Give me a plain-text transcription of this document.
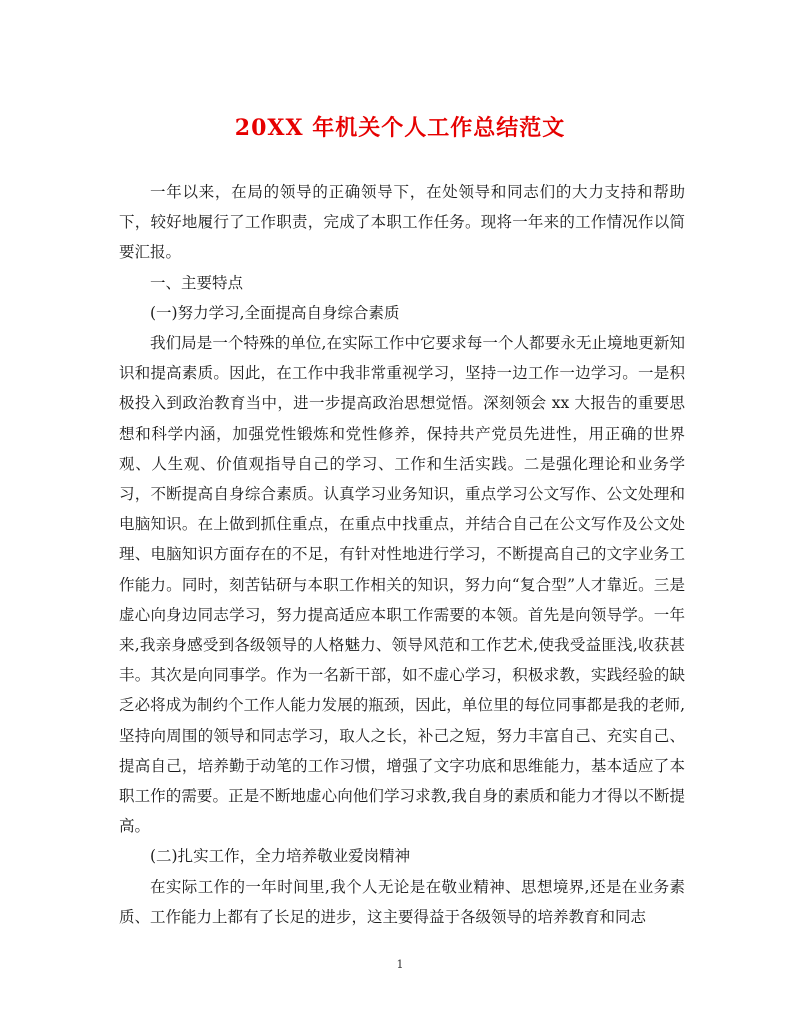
20XX 年机关个人工作总结范文

一年以来，在局的领导的正确领导下，在处领导和同志们的大力支持和帮助下，较好地履行了工作职责，完成了本职工作任务。现将一年来的工作情况作以简要汇报。

一、主要特点

(一)努力学习,全面提高自身综合素质

我们局是一个特殊的单位,在实际工作中它要求每一个人都要永无止境地更新知识和提高素质。因此，在工作中我非常重视学习，坚持一边工作一边学习。一是积极投入到政治教育当中，进一步提高政治思想觉悟。深刻领会 xx 大报告的重要思想和科学内涵，加强党性锻炼和党性修养，保持共产党员先进性，用正确的世界观、人生观、价值观指导自己的学习、工作和生活实践。二是强化理论和业务学习，不断提高自身综合素质。认真学习业务知识，重点学习公文写作、公文处理和电脑知识。在上做到抓住重点，在重点中找重点，并结合自己在公文写作及公文处理、电脑知识方面存在的不足，有针对性地进行学习，不断提高自己的文字业务工作能力。同时，刻苦钻研与本职工作相关的知识，努力向“复合型”人才靠近。三是虚心向身边同志学习，努力提高适应本职工作需要的本领。首先是向领导学。一年来,我亲身感受到各级领导的人格魅力、领导风范和工作艺术,使我受益匪浅,收获甚丰。其次是向同事学。作为一名新干部，如不虚心学习，积极求教，实践经验的缺乏必将成为制约个工作人能力发展的瓶颈，因此，单位里的每位同事都是我的老师,坚持向周围的领导和同志学习，取人之长，补己之短，努力丰富自己、充实自己、提高自己，培养勤于动笔的工作习惯，增强了文字功底和思维能力，基本适应了本职工作的需要。正是不断地虚心向他们学习求教,我自身的素质和能力才得以不断提高。

(二)扎实工作，全力培养敬业爱岗精神

在实际工作的一年时间里,我个人无论是在敬业精神、思想境界,还是在业务素质、工作能力上都有了长足的进步，这主要得益于各级领导的培养教育和同志

1
